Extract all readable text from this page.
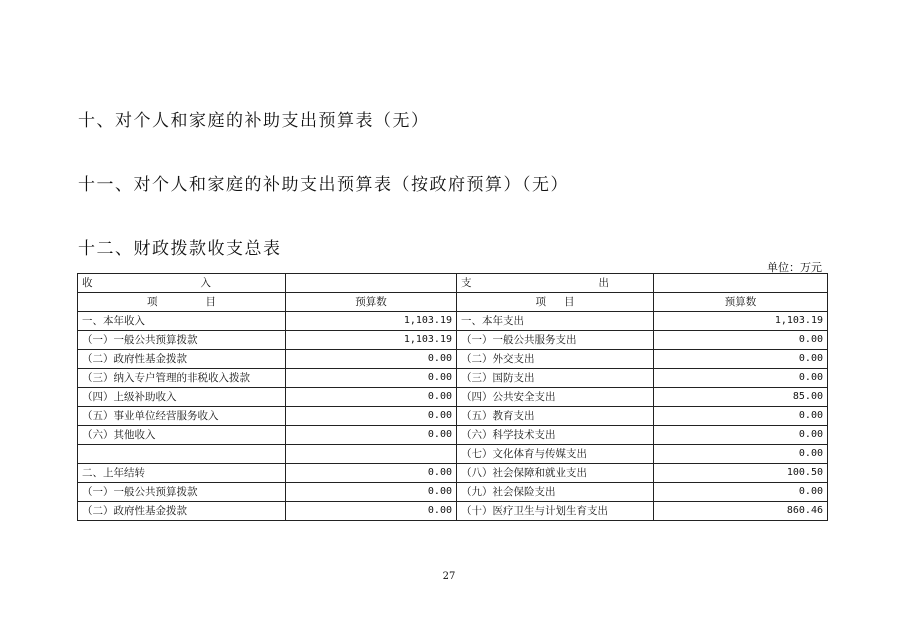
十、对个人和家庭的补助支出预算表（无）
十一、对个人和家庭的补助支出预算表（按政府预算）（无）
十二、财政拨款收支总表
单位：万元
收 入		支 出	

项 目	预算数	项 目	预算数
一、本年收入	1,103.19	一、本年支出	1,103.19
（一）一般公共预算拨款	1,103.19	（一）一般公共服务支出	0.00
（二）政府性基金拨款	0.00	（二）外交支出	0.00
（三）纳入专户管理的非税收入拨款	0.00	（三）国防支出	0.00
（四）上级补助收入	0.00	（四）公共安全支出	85.00
（五）事业单位经营服务收入	0.00	（五）教育支出	0.00
（六）其他收入	0.00	（六）科学技术支出	0.00
		（七）文化体育与传媒支出	0.00
二、上年结转	0.00	（八）社会保障和就业支出	100.50
（一）一般公共预算拨款	0.00	（九）社会保险支出	0.00
（二）政府性基金拨款	0.00	（十）医疗卫生与计划生育支出	860.46
27
